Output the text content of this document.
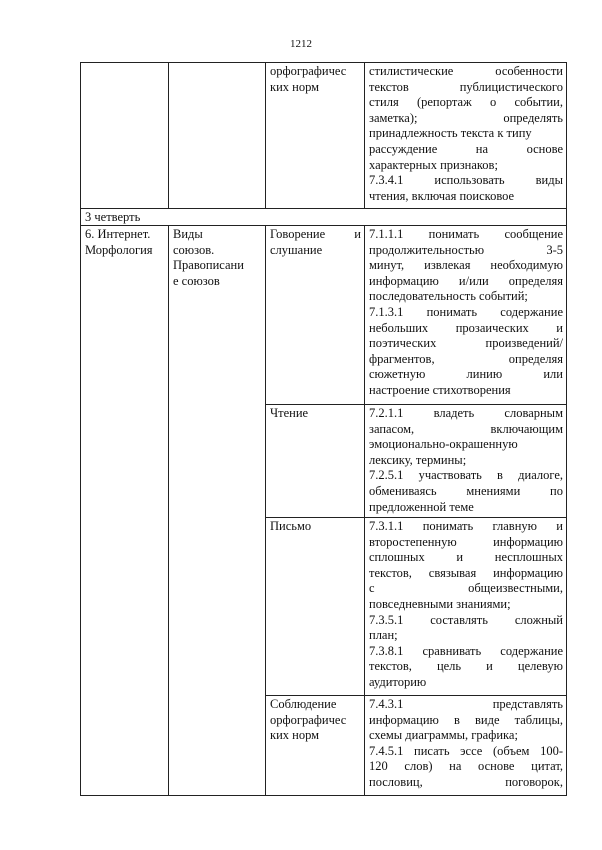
1212

орфографичес

ких норм

стилистические особенности

текстов публицистического

стиля (репортаж о событии,

заметка); определять

принадлежность текста к типу

рассуждение на основе

характерных признаков;

7.3.4.1 использовать виды

чтения, включая поисковое

3 четверть

6. Интернет.

Морфология

Виды

союзов.

Правописани

е союзов

Говорение и

слушание

7.1.1.1 понимать сообщение

продолжительностью 3-5

минут, извлекая необходимую

информацию и/или определяя

последовательность событий;

7.1.3.1 понимать содержание

небольших прозаических и

поэтических произведений/

фрагментов, определяя

сюжетную линию или

настроение стихотворения

Чтение	7.2.1.1 владеть словарным

запасом, включающим

эмоционально-окрашенную

лексику, термины;

7.2.5.1 участвовать в диалоге,

обмениваясь мнениями по

предложенной теме

Письмо	7.3.1.1 понимать главную и

второстепенную информацию

сплошных и несплошных

текстов, связывая информацию

с общеизвестными,

повседневными знаниями;

7.3.5.1 составлять сложный

план;

7.3.8.1 сравнивать содержание

текстов, цель и целевую

аудиторию

Соблюдение

орфографичес

ких норм

7.4.3.1 представлять

информацию в виде таблицы,

схемы диаграммы, графика;

7.4.5.1 писать эссе (объем 100-

120 слов) на основе цитат,

пословиц, поговорок,
